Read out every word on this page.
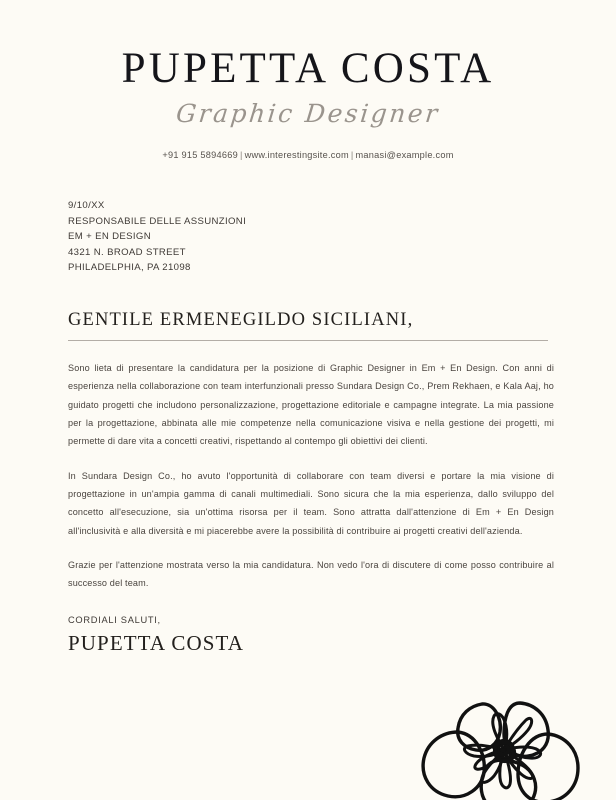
PUPETTA COSTA
Graphic Designer
+91 915 5894669 | www.interestingsite.com | manasi@example.com
9/10/XX
RESPONSABILE DELLE ASSUNZIONI
EM + EN DESIGN
4321 N. BROAD STREET
PHILADELPHIA, PA 21098
GENTILE ERMENEGILDO SICILIANI,

Sono lieta di presentare la candidatura per la posizione di Graphic Designer in Em + En Design. Con anni di esperienza nella collaborazione con team interfunzionali presso Sundara Design Co., Prem Rekhaen, e Kala Aaj, ho guidato progetti che includono personalizzazione, progettazione editoriale e campagne integrate. La mia passione per la progettazione, abbinata alle mie competenze nella comunicazione visiva e nella gestione dei progetti, mi permette di dare vita a concetti creativi, rispettando al contempo gli obiettivi dei clienti.

In Sundara Design Co., ho avuto l'opportunità di collaborare con team diversi e portare la mia visione di progettazione in un'ampia gamma di canali multimediali. Sono sicura che la mia esperienza, dallo sviluppo del concetto all'esecuzione, sia un'ottima risorsa per il team. Sono attratta dall'attenzione di Em + En Design all'inclusività e alla diversità e mi piacerebbe avere la possibilità di contribuire ai progetti creativi dell'azienda.

Grazie per l'attenzione mostrata verso la mia candidatura. Non vedo l'ora di discutere di come posso contribuire al successo del team.

CORDIALI SALUTI,
PUPETTA COSTA
